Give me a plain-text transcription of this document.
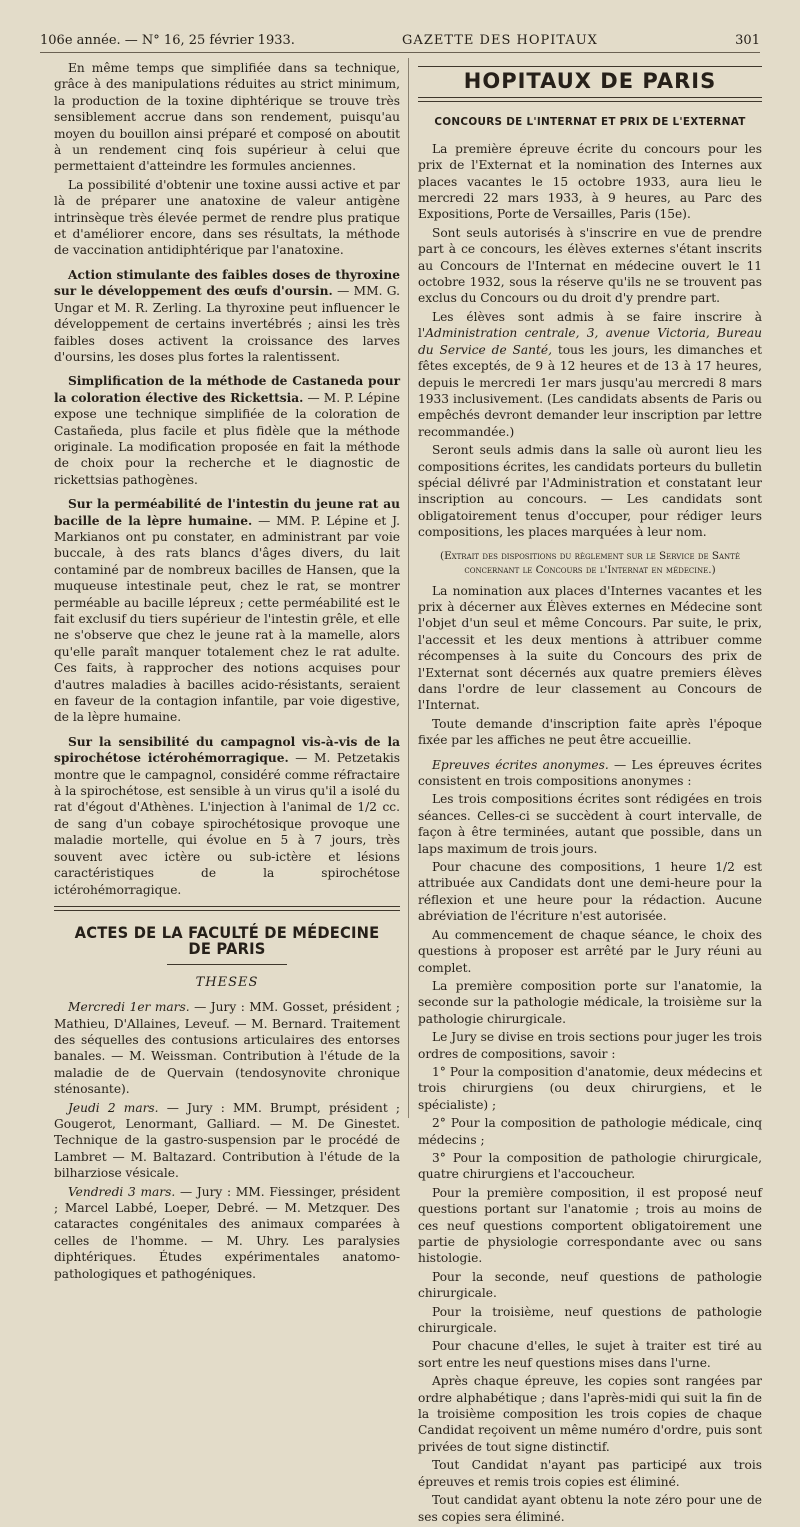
106e année. — N° 16, 25 février 1933.	GAZETTE DES HOPITAUX	301

En même temps que simplifiée dans sa technique, grâce à des manipulations réduites au strict minimum, la production de la toxine diphtérique se trouve très sensiblement accrue dans son rendement, puisqu'au moyen du bouillon ainsi préparé et composé on aboutit à un rendement cinq fois supérieur à celui que permettaient d'atteindre les formules anciennes.

La possibilité d'obtenir une toxine aussi active et par là de préparer une anatoxine de valeur antigène intrinsèque très élevée permet de rendre plus pratique et d'améliorer encore, dans ses résultats, la méthode de vaccination antidiphtérique par l'anatoxine.

Action stimulante des faibles doses de thyroxine sur le développement des œufs d'oursin. — MM. G. Ungar et M. R. Zerling. La thyroxine peut influencer le développement de certains invertébrés ; ainsi les très faibles doses activent la croissance des larves d'oursins, les doses plus fortes la ralentissent.

Simplification de la méthode de Castaneda pour la coloration élective des Rickettsia. — M. P. Lépine expose une technique simplifiée de la coloration de Castañeda, plus facile et plus fidèle que la méthode originale. La modification proposée en fait la méthode de choix pour la recherche et le diagnostic de rickettsias pathogènes.

Sur la perméabilité de l'intestin du jeune rat au bacille de la lèpre humaine. — MM. P. Lépine et J. Markianos ont pu constater, en administrant par voie buccale, à des rats blancs d'âges divers, du lait contaminé par de nombreux bacilles de Hansen, que la muqueuse intestinale peut, chez le rat, se montrer perméable au bacille lépreux ; cette perméabilité est le fait exclusif du tiers supérieur de l'intestin grêle, et elle ne s'observe que chez le jeune rat à la mamelle, alors qu'elle paraît manquer totalement chez le rat adulte. Ces faits, à rapprocher des notions acquises pour d'autres maladies à bacilles acido-résistants, seraient en faveur de la contagion infantile, par voie digestive, de la lèpre humaine.

Sur la sensibilité du campagnol vis-à-vis de la spirochétose ictérohémorragique. — M. Petzetakis montre que le campagnol, considéré comme réfractaire à la spirochétose, est sensible à un virus qu'il a isolé du rat d'égout d'Athènes. L'injection à l'animal de 1/2 cc. de sang d'un cobaye spirochétosique provoque une maladie mortelle, qui évolue en 5 à 7 jours, très souvent avec ictère ou sub-ictère et lésions caractéristiques de la spirochétose ictérohémorragique.

ACTES DE LA FACULTÉ DE MÉDECINE DE PARIS
THESES

Mercredi 1er mars. — Jury : MM. Gosset, président ; Mathieu, D'Allaines, Leveuf. — M. Bernard. Traitement des séquelles des contusions articulaires des entorses banales. — M. Weissman. Contribution à l'étude de la maladie de de Quervain (tendosynovite chronique sténosante).

Jeudi 2 mars. — Jury : MM. Brumpt, président ; Gougerot, Lenormant, Galliard. — M. De Ginestet. Technique de la gastro-suspension par le procédé de Lambret — M. Baltazard. Contribution à l'étude de la bilharziose vésicale.

Vendredi 3 mars. — Jury : MM. Fiessinger, président ; Marcel Labbé, Loeper, Debré. — M. Metzquer. Des cataractes congénitales des animaux comparées à celles de l'homme. — M. Uhry. Les paralysies diphtériques. Études expérimentales anatomo-pathologiques et pathogéniques.

HOPITAUX DE PARIS
CONCOURS DE L'INTERNAT ET PRIX DE L'EXTERNAT

La première épreuve écrite du concours pour les prix de l'Externat et la nomination des Internes aux places vacantes le 15 octobre 1933, aura lieu le mercredi 22 mars 1933, à 9 heures, au Parc des Expositions, Porte de Versailles, Paris (15e).

Sont seuls autorisés à s'inscrire en vue de prendre part à ce concours, les élèves externes s'étant inscrits au Concours de l'Internat en médecine ouvert le 11 octobre 1932, sous la réserve qu'ils ne se trouvent pas exclus du Concours ou du droit d'y prendre part.

Les élèves sont admis à se faire inscrire à l'Administration centrale, 3, avenue Victoria, Bureau du Service de Santé, tous les jours, les dimanches et fêtes exceptés, de 9 à 12 heures et de 13 à 17 heures, depuis le mercredi 1er mars jusqu'au mercredi 8 mars 1933 inclusivement. (Les candidats absents de Paris ou empêchés devront demander leur inscription par lettre recommandée.)

Seront seuls admis dans la salle où auront lieu les compositions écrites, les candidats porteurs du bulletin spécial délivré par l'Administration et constatant leur inscription au concours. — Les candidats sont obligatoirement tenus d'occuper, pour rédiger leurs compositions, les places marquées à leur nom.

(Extrait des dispositions du règlement sur le Service de Santé concernant le Concours de l'Internat en médecine.)

La nomination aux places d'Internes vacantes et les prix à décerner aux Élèves externes en Médecine sont l'objet d'un seul et même Concours. Par suite, le prix, l'accessit et les deux mentions à attribuer comme récompenses à la suite du Concours des prix de l'Externat sont décernés aux quatre premiers élèves dans l'ordre de leur classement au Concours de l'Internat.

Toute demande d'inscription faite après l'époque fixée par les affiches ne peut être accueillie.

Epreuves écrites anonymes. — Les épreuves écrites consistent en trois compositions anonymes :

Les trois compositions écrites sont rédigées en trois séances. Celles-ci se succèdent à court intervalle, de façon à être terminées, autant que possible, dans un laps maximum de trois jours.

Pour chacune des compositions, 1 heure 1/2 est attribuée aux Candidats dont une demi-heure pour la réflexion et une heure pour la rédaction. Aucune abréviation de l'écriture n'est autorisée.

Au commencement de chaque séance, le choix des questions à proposer est arrêté par le Jury réuni au complet.

La première composition porte sur l'anatomie, la seconde sur la pathologie médicale, la troisième sur la pathologie chirurgicale.

Le Jury se divise en trois sections pour juger les trois ordres de compositions, savoir :

1° Pour la composition d'anatomie, deux médecins et trois chirurgiens (ou deux chirurgiens, et le spécialiste) ;

2° Pour la composition de pathologie médicale, cinq médecins ;

3° Pour la composition de pathologie chirurgicale, quatre chirurgiens et l'accoucheur.

Pour la première composition, il est proposé neuf questions portant sur l'anatomie ; trois au moins de ces neuf questions comportent obligatoirement une partie de physiologie correspondante avec ou sans histologie.

Pour la seconde, neuf questions de pathologie chirurgicale.

Pour la troisième, neuf questions de pathologie chirurgicale.

Pour chacune d'elles, le sujet à traiter est tiré au sort entre les neuf questions mises dans l'urne.

Après chaque épreuve, les copies sont rangées par ordre alphabétique ; dans l'après-midi qui suit la fin de la troisième composition les trois copies de chaque Candidat reçoivent un même numéro d'ordre, puis sont privées de tout signe distinctif.

Tout Candidat n'ayant pas participé aux trois épreuves et remis trois copies est éliminé.

Tout candidat ayant obtenu la note zéro pour une de ses copies sera éliminé.
